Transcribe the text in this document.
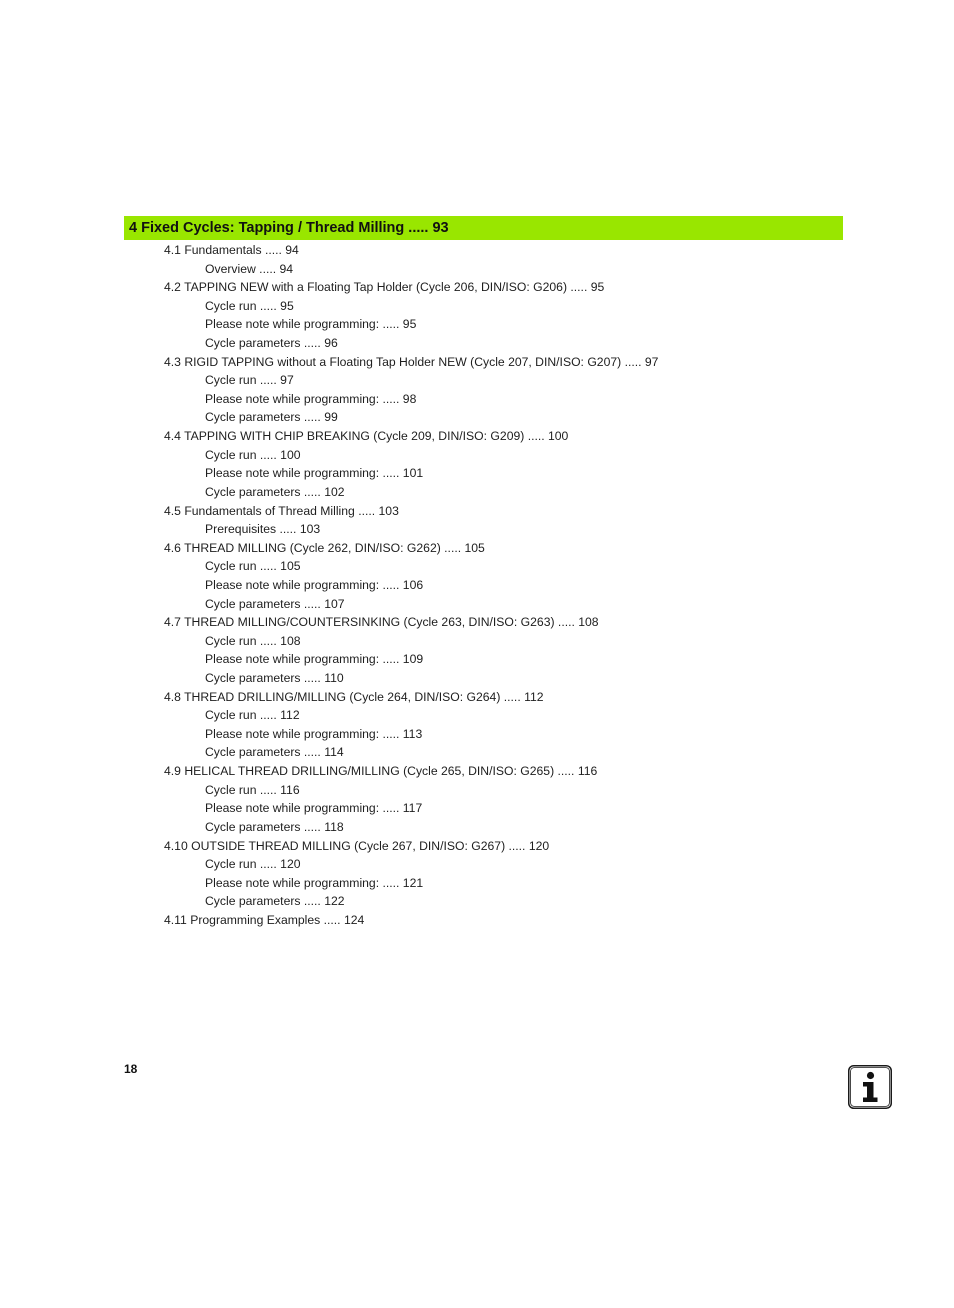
4 Fixed Cycles: Tapping / Thread Milling ..... 93
4.1 Fundamentals ..... 94
Overview ..... 94
4.2 TAPPING NEW with a Floating Tap Holder (Cycle 206, DIN/ISO: G206) ..... 95
Cycle run ..... 95
Please note while programming: ..... 95
Cycle parameters ..... 96
4.3 RIGID TAPPING without a Floating Tap Holder NEW (Cycle 207, DIN/ISO: G207) ..... 97
Cycle run ..... 97
Please note while programming: ..... 98
Cycle parameters ..... 99
4.4 TAPPING WITH CHIP BREAKING (Cycle 209, DIN/ISO: G209) ..... 100
Cycle run ..... 100
Please note while programming: ..... 101
Cycle parameters ..... 102
4.5 Fundamentals of Thread Milling ..... 103
Prerequisites ..... 103
4.6 THREAD MILLING (Cycle 262, DIN/ISO: G262) ..... 105
Cycle run ..... 105
Please note while programming: ..... 106
Cycle parameters ..... 107
4.7 THREAD MILLING/COUNTERSINKING (Cycle 263, DIN/ISO: G263) ..... 108
Cycle run ..... 108
Please note while programming: ..... 109
Cycle parameters ..... 110
4.8 THREAD DRILLING/MILLING (Cycle 264, DIN/ISO: G264) ..... 112
Cycle run ..... 112
Please note while programming: ..... 113
Cycle parameters ..... 114
4.9 HELICAL THREAD DRILLING/MILLING (Cycle 265, DIN/ISO: G265) ..... 116
Cycle run ..... 116
Please note while programming: ..... 117
Cycle parameters ..... 118
4.10 OUTSIDE THREAD MILLING (Cycle 267, DIN/ISO: G267) ..... 120
Cycle run ..... 120
Please note while programming: ..... 121
Cycle parameters ..... 122
4.11 Programming Examples ..... 124
18
